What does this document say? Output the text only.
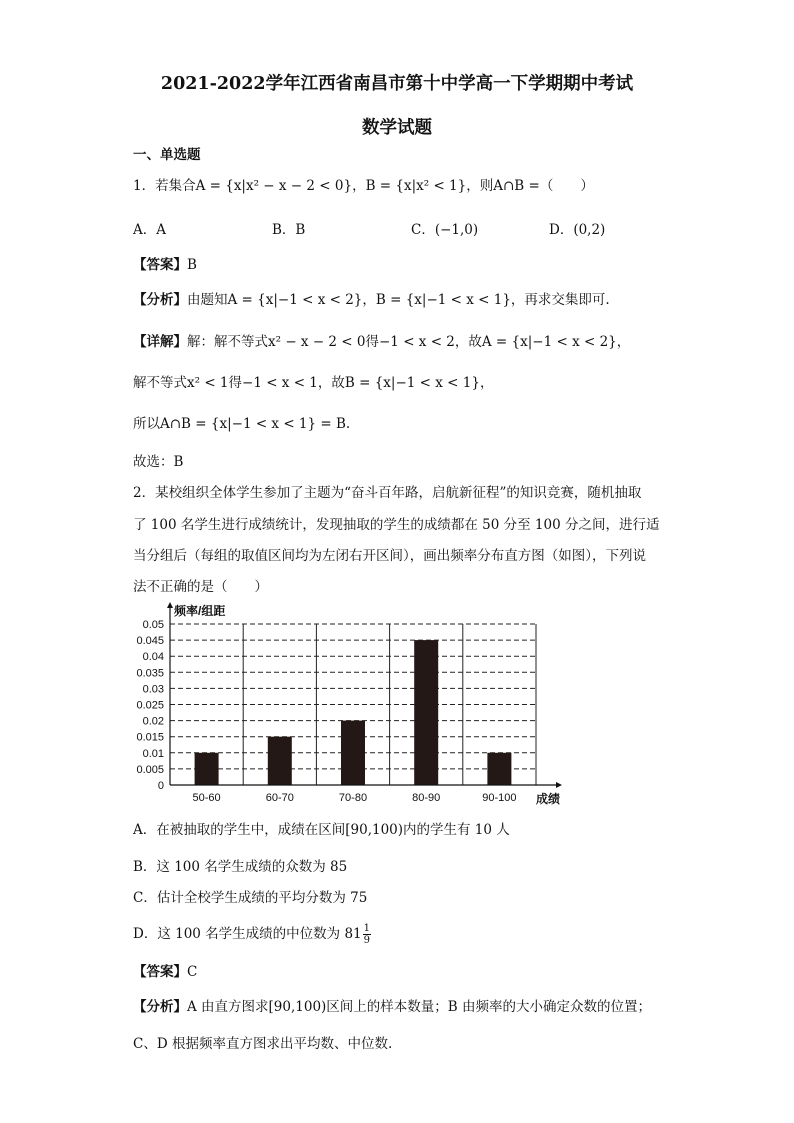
2021-2022学年江西省南昌市第十中学高一下学期期中考试
数学试题
一、单选题
1．若集合A = {x|x² − x − 2 < 0}，B = {x|x² < 1}，则A∩B =（　　）
A．A	B．B	C．(−1,0)	D．(0,2)
【答案】B
【分析】由题知A = {x|−1 < x < 2}，B = {x|−1 < x < 1}，再求交集即可.
【详解】解：解不等式x² − x − 2 < 0得−1 < x < 2，故A = {x|−1 < x < 2}，
解不等式x² < 1得−1 < x < 1，故B = {x|−1 < x < 1}，
所以A∩B = {x|−1 < x < 1} = B.
故选：B
2．某校组织全体学生参加了主题为“奋斗百年路，启航新征程”的知识竞赛，随机抽取
了 100 名学生进行成绩统计，发现抽取的学生的成绩都在 50 分至 100 分之间，进行适
当分组后（每组的取值区间均为左闭右开区间），画出频率分布直方图（如图），下列说
法不正确的是（　　）
0
0.005
0.01
0.015
0.02
0.025
0.03
0.035
0.04
0.045
0.05
50-60	60-70	70-80	80-90	90-100
频率/组距
成绩
A．在被抽取的学生中，成绩在区间[90,100)内的学生有 10 人
B．这 100 名学生成绩的众数为 85
C．估计全校学生成绩的平均分数为 75
D．这 100 名学生成绩的中位数为 $81 \frac{1}{9}$
【答案】C
【分析】A 由直方图求[90,100)区间上的样本数量；B 由频率的大小确定众数的位置；
C、D 根据频率直方图求出平均数、中位数.
